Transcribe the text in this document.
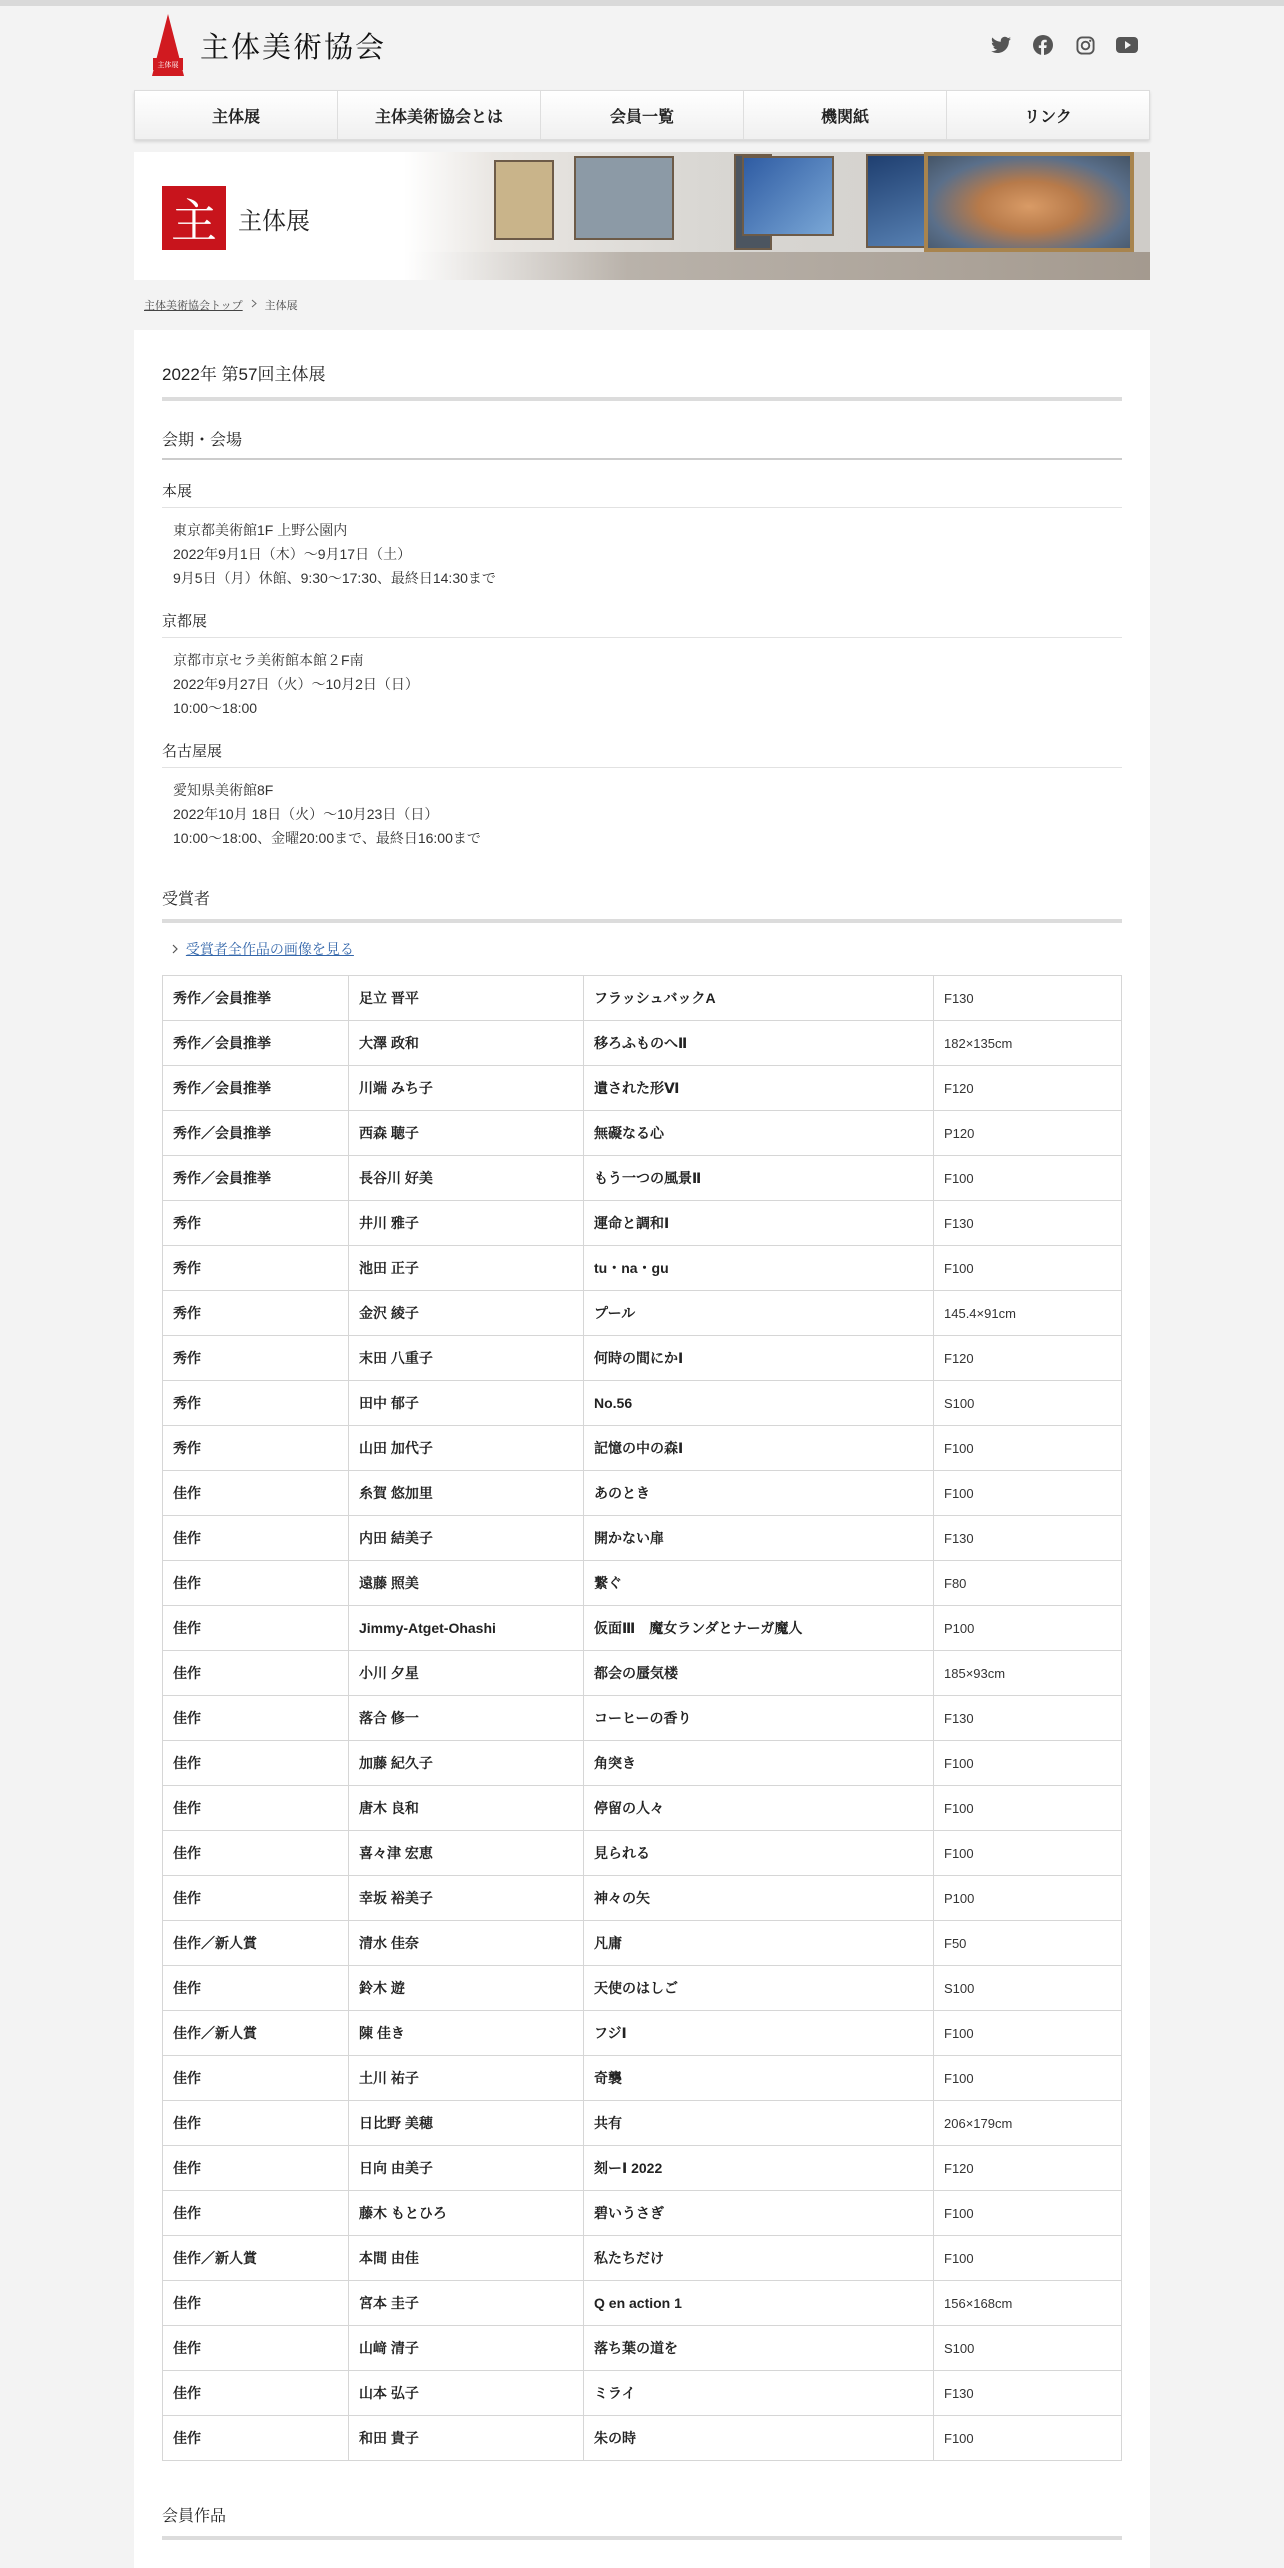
主体展
主体美術協会
主体展	主体美術協会とは	会員一覧	機関紙	リンク
主 主体展
主体美術協会トップ 主体展
2022年 第57回主体展
会期・会場
本展
東京都美術館1F 上野公園内
2022年9月1日（木）〜9月17日（土）
9月5日（月）休館、9:30〜17:30、最終日14:30まで
京都展
京都市京セラ美術館本館２F南
2022年9月27日（火）〜10月2日（日）
10:00〜18:00
名古屋展
愛知県美術館8F
2022年10月 18日（火）〜10月23日（日）
10:00〜18:00、金曜20:00まで、最終日16:00まで
受賞者
受賞者全作品の画像を見る
秀作／会員推挙	足立 晋平	フラッシュバックA	F130
秀作／会員推挙	大澤 政和	移ろふものへⅡ	182×135cm
秀作／会員推挙	川端 みち子	遺された形Ⅵ	F120
秀作／会員推挙	西森 聴子	無礙なる心	P120
秀作／会員推挙	長谷川 好美	もう一つの風景Ⅱ	F100
秀作	井川 雅子	運命と調和Ⅰ	F130
秀作	池田 正子	tu・na・gu	F100
秀作	金沢 綾子	プール	145.4×91cm
秀作	末田 八重子	何時の間にかⅠ	F120
秀作	田中 郁子	No.56	S100
秀作	山田 加代子	記憶の中の森Ⅰ	F100
佳作	糸賀 悠加里	あのとき	F100
佳作	内田 結美子	開かない扉	F130
佳作	遠藤 照美	繋ぐ	F80
佳作	Jimmy-Atget-Ohashi	仮面Ⅲ　魔女ランダとナーガ魔人	P100
佳作	小川 夕星	都会の蜃気楼	185×93cm
佳作	落合 修一	コーヒーの香り	F130
佳作	加藤 紀久子	角突き	F100
佳作	唐木 良和	停留の人々	F100
佳作	喜々津 宏恵	見られる	F100
佳作	幸坂 裕美子	神々の矢	P100
佳作／新人賞	清水 佳奈	凡庸	F50
佳作	鈴木 遊	天使のはしご	S100
佳作／新人賞	陳 佳き	フジⅠ	F100
佳作	土川 祐子	奇襲	F100
佳作	日比野 美穂	共有	206×179cm
佳作	日向 由美子	刻ーⅠ 2022	F120
佳作	藤木 もとひろ	碧いうさぎ	F100
佳作／新人賞	本間 由佳	私たちだけ	F100
佳作	宮本 圭子	Q en action 1	156×168cm
佳作	山﨑 清子	落ち葉の道を	S100
佳作	山本 弘子	ミライ	F130
佳作	和田 貴子	朱の時	F100
会員作品
